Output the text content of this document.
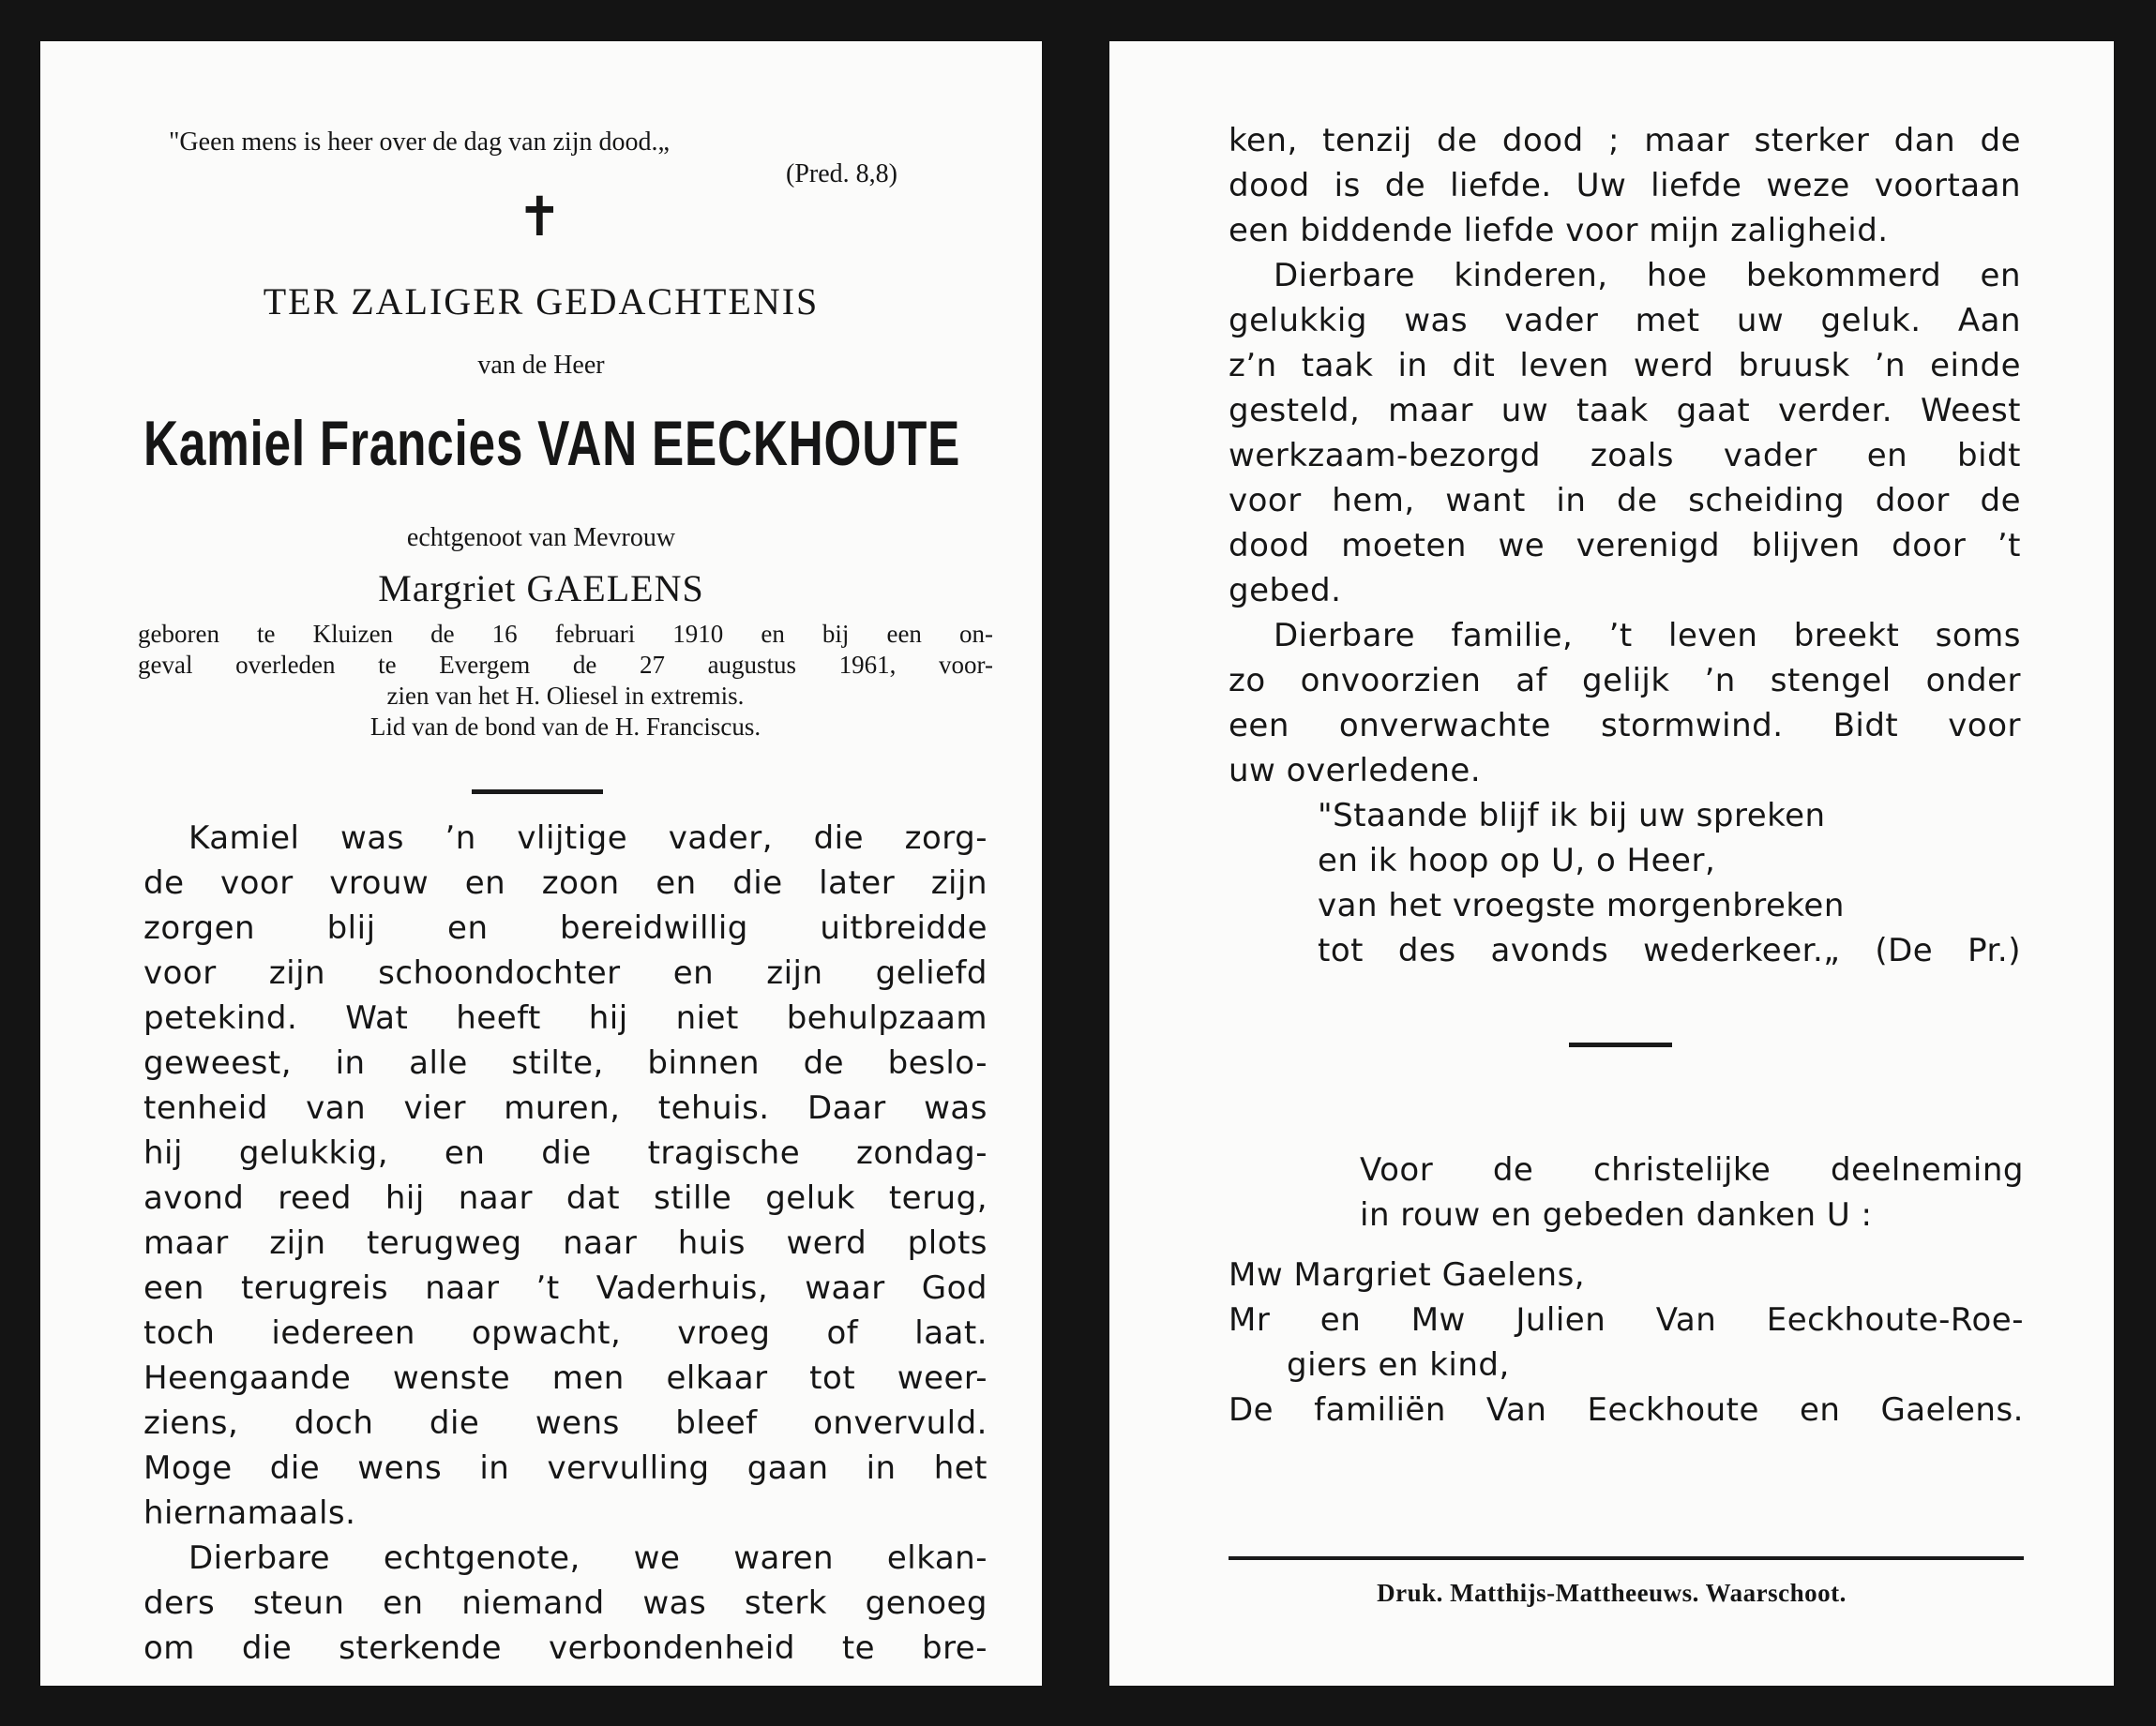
"Geen mens is heer over de dag van zijn dood.„

(Pred. 8,8)

✝

TER ZALIGER GEDACHTENIS

van de Heer

Kamiel Francies VAN EECKHOUTE

echtgenoot van Mevrouw

Margriet GAELENS

geboren te Kluizen de 16 februari 1910 en bij een on-
geval overleden te Evergem de 27 augustus 1961, voor-
zien van het H. Oliesel in extremis.
Lid van de bond van de H. Franciscus.

Kamiel was ’n vlijtige vader, die zorg-

de voor vrouw en zoon en die later zijn

zorgen blij en bereidwillig uitbreidde

voor zijn schoondochter en zijn geliefd

petekind. Wat heeft hij niet behulpzaam

geweest, in alle stilte, binnen de beslo-

tenheid van vier muren, tehuis. Daar was

hij gelukkig, en die tragische zondag-

avond reed hij naar dat stille geluk terug,

maar zijn terugweg naar huis werd plots

een terugreis naar ’t Vaderhuis, waar God

toch iedereen opwacht, vroeg of laat.

Heengaande wenste men elkaar tot weer-

ziens, doch die wens bleef onvervuld.

Moge die wens in vervulling gaan in het

hiernamaals.

Dierbare echtgenote, we waren elkan-

ders steun en niemand was sterk genoeg

om die sterkende verbondenheid te bre-

ken, tenzij de dood ; maar sterker dan de

dood is de liefde. Uw liefde weze voortaan

een biddende liefde voor mijn zaligheid.

Dierbare kinderen, hoe bekommerd en

gelukkig was vader met uw geluk. Aan

z’n taak in dit leven werd bruusk ’n einde

gesteld, maar uw taak gaat verder. Weest

werkzaam-bezorgd zoals vader en bidt

voor hem, want in de scheiding door de

dood moeten we verenigd blijven door ’t

gebed.

Dierbare familie, ’t leven breekt soms

zo onvoorzien af gelijk ’n stengel onder

een onverwachte stormwind. Bidt voor

uw overledene.

"Staande blijf ik bij uw spreken

en ik hoop op U, o Heer,

van het vroegste morgenbreken

tot des avonds wederkeer.„ (De Pr.)

Voor de christelijke deelneming

in rouw en gebeden danken U :

Mw Margriet Gaelens,

Mr en Mw Julien Van Eeckhoute-Roe-

giers en kind,

De familiën Van Eeckhoute en Gaelens.

Druk. Matthijs-Mattheeuws. Waarschoot.
